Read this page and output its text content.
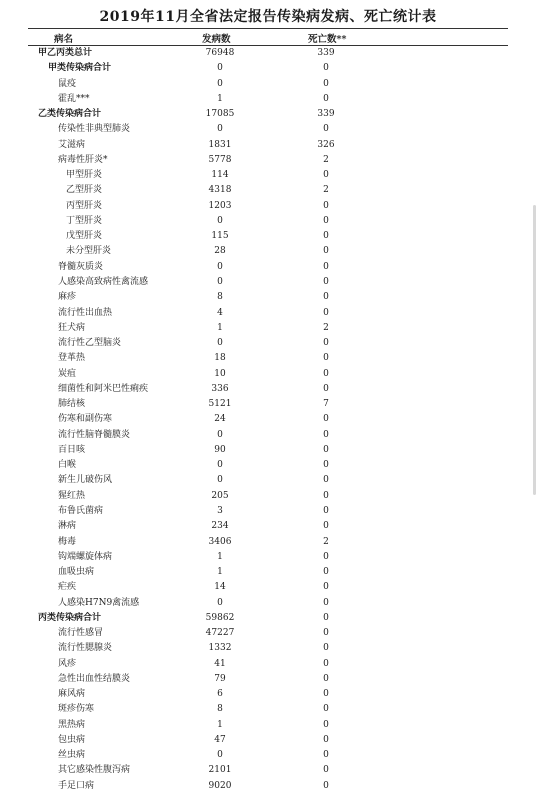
2019年11月全省法定报告传染病发病、死亡统计表
病名	发病数	死亡数**
甲乙丙类总计	76948	339
甲类传染病合计	0	0
鼠疫	0	0
霍乱***	1	0
乙类传染病合计	17085	339
传染性非典型肺炎	0	0
艾滋病	1831	326
病毒性肝炎*	5778	2
甲型肝炎	114	0
乙型肝炎	4318	2
丙型肝炎	1203	0
丁型肝炎	0	0
戊型肝炎	115	0
未分型肝炎	28	0
脊髓灰质炎	0	0
人感染高致病性禽流感	0	0
麻疹	8	0
流行性出血热	4	0
狂犬病	1	2
流行性乙型脑炎	0	0
登革热	18	0
炭疽	10	0
细菌性和阿米巴性痢疾	336	0
肺结核	5121	7
伤寒和副伤寒	24	0
流行性脑脊髓膜炎	0	0
百日咳	90	0
白喉	0	0
新生儿破伤风	0	0
猩红热	205	0
布鲁氏菌病	3	0
淋病	234	0
梅毒	3406	2
钩端螺旋体病	1	0
血吸虫病	1	0
疟疾	14	0
人感染H7N9禽流感	0	0
丙类传染病合计	59862	0
流行性感冒	47227	0
流行性腮腺炎	1332	0
风疹	41	0
急性出血性结膜炎	79	0
麻风病	6	0
斑疹伤寒	8	0
黑热病	1	0
包虫病	47	0
丝虫病	0	0
其它感染性腹泻病	2101	0
手足口病	9020	0
